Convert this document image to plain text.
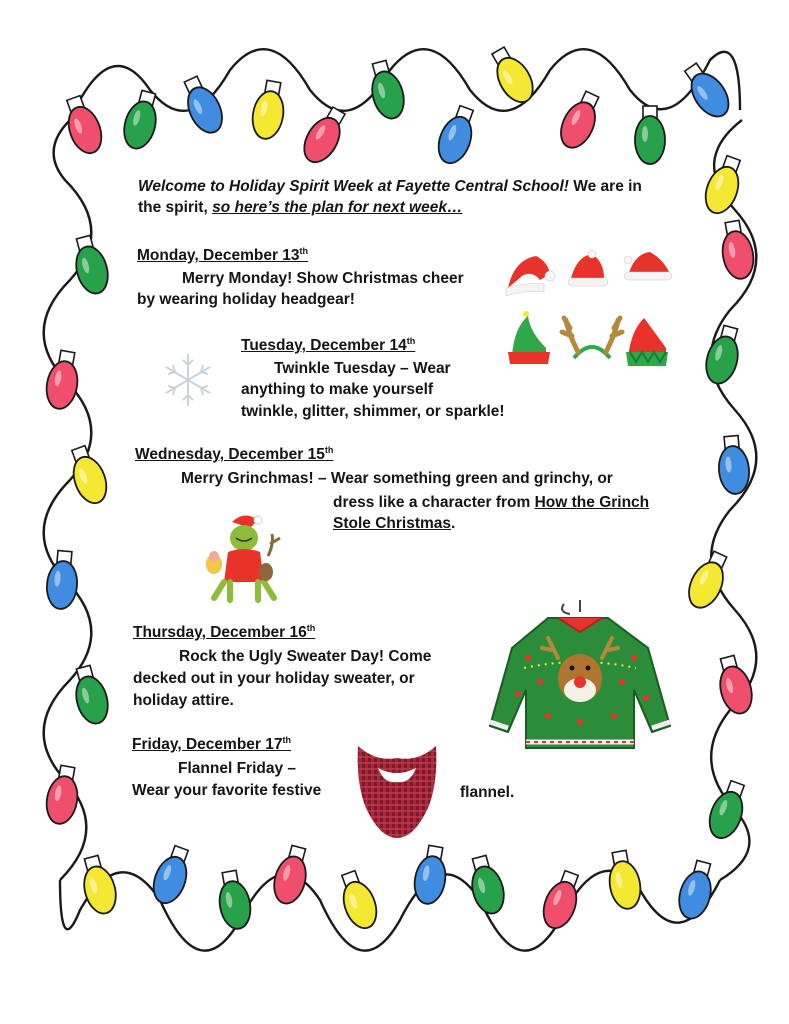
Welcome to Holiday Spirit Week at Fayette Central School! We are in
the spirit, so here’s the plan for next week…
Monday, December 13th
Merry Monday! Show Christmas cheer
by wearing holiday headgear!
Tuesday, December 14th
Twinkle Tuesday – Wear
anything to make yourself
twinkle, glitter, shimmer, or sparkle!
Wednesday, December 15th
Merry Grinchmas! – Wear something green and grinchy, or
dress like a character from How the Grinch
Stole Christmas.
Thursday, December 16th
Rock the Ugly Sweater Day! Come
decked out in your holiday sweater, or
holiday attire.
Friday, December 17th
Flannel Friday –
Wear your favorite festive	flannel.
